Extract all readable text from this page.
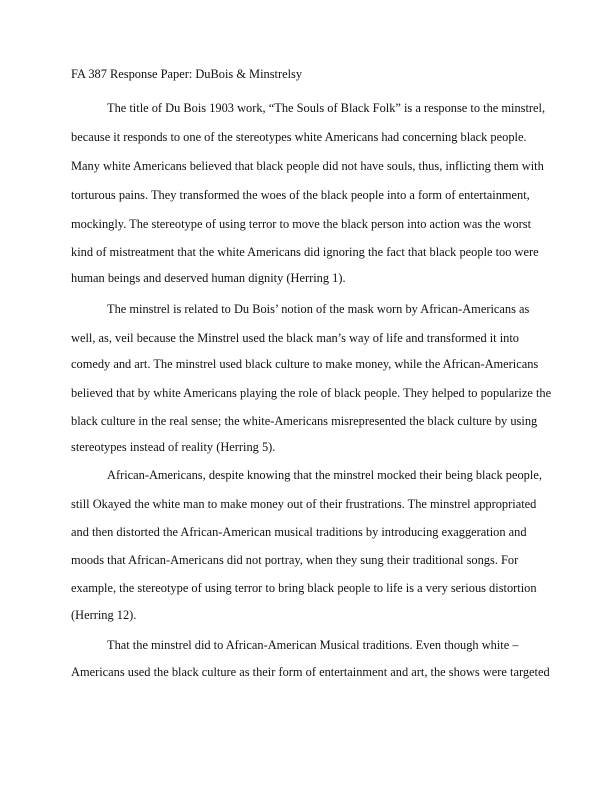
FA 387 Response Paper: DuBois & Minstrelsy
The title of Du Bois 1903 work, “The Souls of Black Folk” is a response to the minstrel,
because it responds to one of the stereotypes white Americans had concerning black people.
Many white Americans believed that black people did not have souls, thus, inflicting them with
torturous pains. They transformed the woes of the black people into a form of entertainment,
mockingly. The stereotype of using terror to move the black person into action was the worst
kind of mistreatment that the white Americans did ignoring the fact that black people too were
human beings and deserved human dignity (Herring 1).
The minstrel is related to Du Bois’ notion of the mask worn by African-Americans as
well, as, veil because the Minstrel used the black man’s way of life and transformed it into
comedy and art. The minstrel used black culture to make money, while the African-Americans
believed that by white Americans playing the role of black people. They helped to popularize the
black culture in the real sense; the white-Americans misrepresented the black culture by using
stereotypes instead of reality (Herring 5).
African-Americans, despite knowing that the minstrel mocked their being black people,
still Okayed the white man to make money out of their frustrations. The minstrel appropriated
and then distorted the African-American musical traditions by introducing exaggeration and
moods that African-Americans did not portray, when they sung their traditional songs. For
example, the stereotype of using terror to bring black people to life is a very serious distortion
(Herring 12).
That the minstrel did to African-American Musical traditions. Even though white –
Americans used the black culture as their form of entertainment and art, the shows were targeted
